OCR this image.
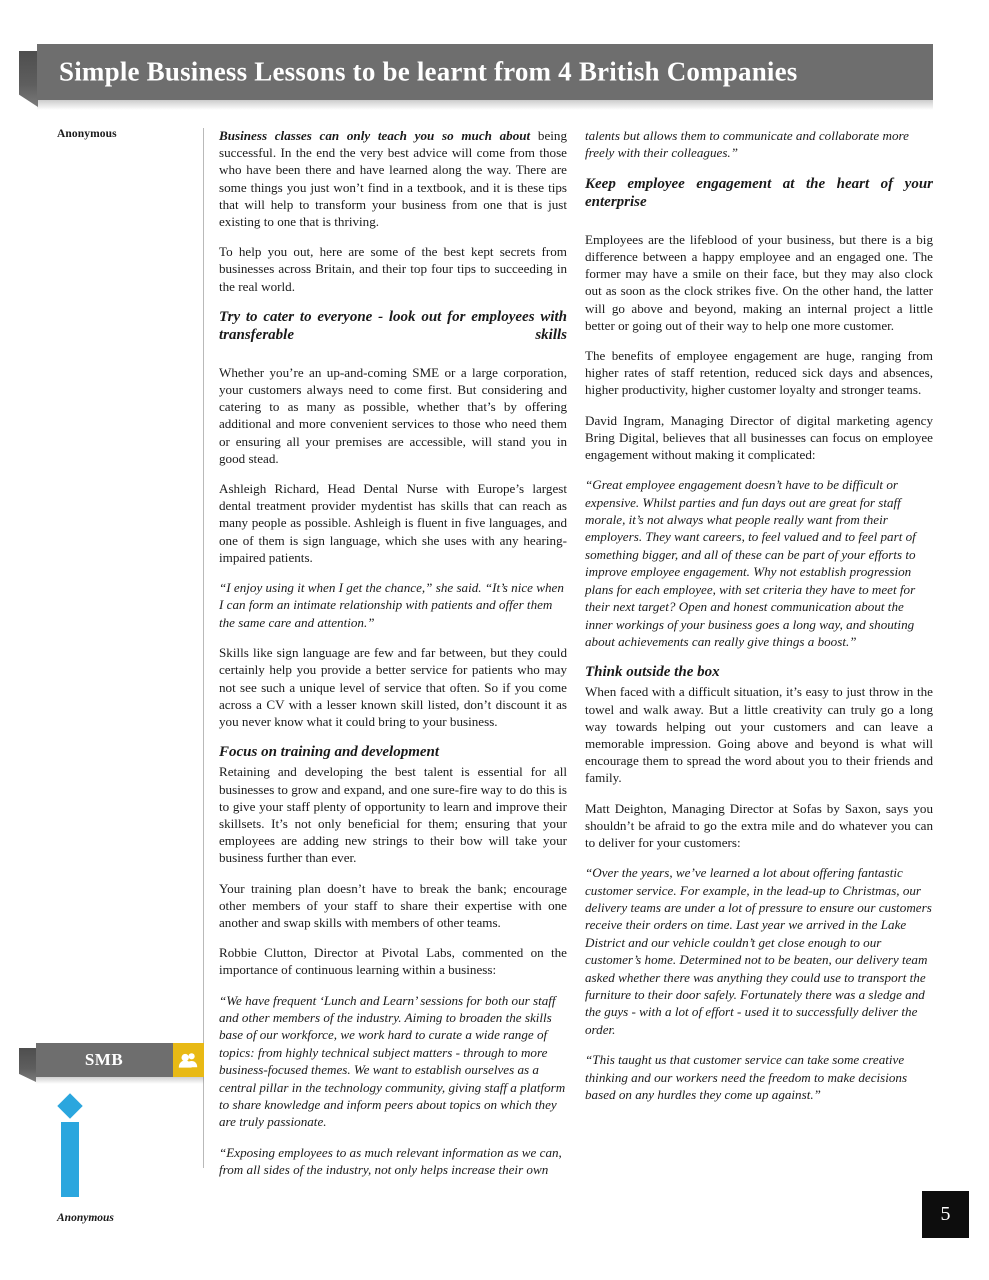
Simple Business Lessons to be learnt from 4 British Companies
Anonymous	Business classes can only teach you so much about being successful. In the end the very best advice will come from those who have been there and have learned along the way. There are some things you just won’t find in a textbook, and it is these tips that will help to transform your business from one that is just existing to one that is thriving.

To help you out, here are some of the best kept secrets from businesses across Britain, and their top four tips to succeeding in the real world.

Try to cater to everyone - look out for employees with transferable skills

Whether you’re an up-and-coming SME or a large corporation, your customers always need to come first. But considering and catering to as many as possible, whether that’s by offering additional and more convenient services to those who need them or ensuring all your premises are accessible, will stand you in good stead.

Ashleigh Richard, Head Dental Nurse with Europe’s largest dental treatment provider mydentist has skills that can reach as many people as possible. Ashleigh is fluent in five languages, and one of them is sign language, which she uses with any hearing-impaired patients.

“I enjoy using it when I get the chance,” she said. “It’s nice when I can form an intimate relationship with patients and offer them the same care and attention.”

Skills like sign language are few and far between, but they could certainly help you provide a better service for patients who may not see such a unique level of service that often. So if you come across a CV with a lesser known skill listed, don’t discount it as you never know what it could bring to your business.

Focus on training and development

Retaining and developing the best talent is essential for all businesses to grow and expand, and one sure-fire way to do this is to give your staff plenty of opportunity to learn and improve their skillsets. It’s not only beneficial for them; ensuring that your employees are adding new strings to their bow will take your business further than ever.

Your training plan doesn’t have to break the bank; encourage other members of your staff to share their expertise with one another and swap skills with members of other teams.

Robbie Clutton, Director at Pivotal Labs, commented on the importance of continuous learning within a business:

“We have frequent ‘Lunch and Learn’ sessions for both our staff and other members of the industry. Aiming to broaden the skills base of our workforce, we work hard to curate a wide range of topics: from highly technical subject matters - through to more business-focused themes. We want to establish ourselves as a central pillar in the technology community, giving staff a platform to share knowledge and inform peers about topics on which they are truly passionate.

“Exposing employees to as much relevant information as we can, from all sides of the industry, not only helps increase their own

talents but allows them to communicate and collaborate more freely with their colleagues.”

Keep employee engagement at the heart of your enterprise

Employees are the lifeblood of your business, but there is a big difference between a happy employee and an engaged one. The former may have a smile on their face, but they may also clock out as soon as the clock strikes five. On the other hand, the latter will go above and beyond, making an internal project a little better or going out of their way to help one more customer.

The benefits of employee engagement are huge, ranging from higher rates of staff retention, reduced sick days and absences, higher productivity, higher customer loyalty and stronger teams.

David Ingram, Managing Director of digital marketing agency Bring Digital, believes that all businesses can focus on employee engagement without making it complicated:

“Great employee engagement doesn’t have to be difficult or expensive. Whilst parties and fun days out are great for staff morale, it’s not always what people really want from their employers. They want careers, to feel valued and to feel part of something bigger, and all of these can be part of your efforts to improve employee engagement. Why not establish progression plans for each employee, with set criteria they have to meet for their next target? Open and honest communication about the inner workings of your business goes a long way, and shouting about achievements can really give things a boost.”

Think outside the box

When faced with a difficult situation, it’s easy to just throw in the towel and walk away. But a little creativity can truly go a long way towards helping out your customers and can leave a memorable impression. Going above and beyond is what will encourage them to spread the word about you to their friends and family.

Matt Deighton, Managing Director at Sofas by Saxon, says you shouldn’t be afraid to go the extra mile and do whatever you can to deliver for your customers:

“Over the years, we’ve learned a lot about offering fantastic customer service. For example, in the lead-up to Christmas, our delivery teams are under a lot of pressure to ensure our customers receive their orders on time. Last year we arrived in the Lake District and our vehicle couldn’t get close enough to our customer’s home. Determined not to be beaten, our delivery team asked whether there was anything they could use to transport the furniture to their door safely. Fortunately there was a sledge and the guys - with a lot of effort - used it to successfully deliver the order.

“This taught us that customer service can take some creative thinking and our workers need the freedom to make decisions based on any hurdles they come up against.”

SMB
Anonymous	5
